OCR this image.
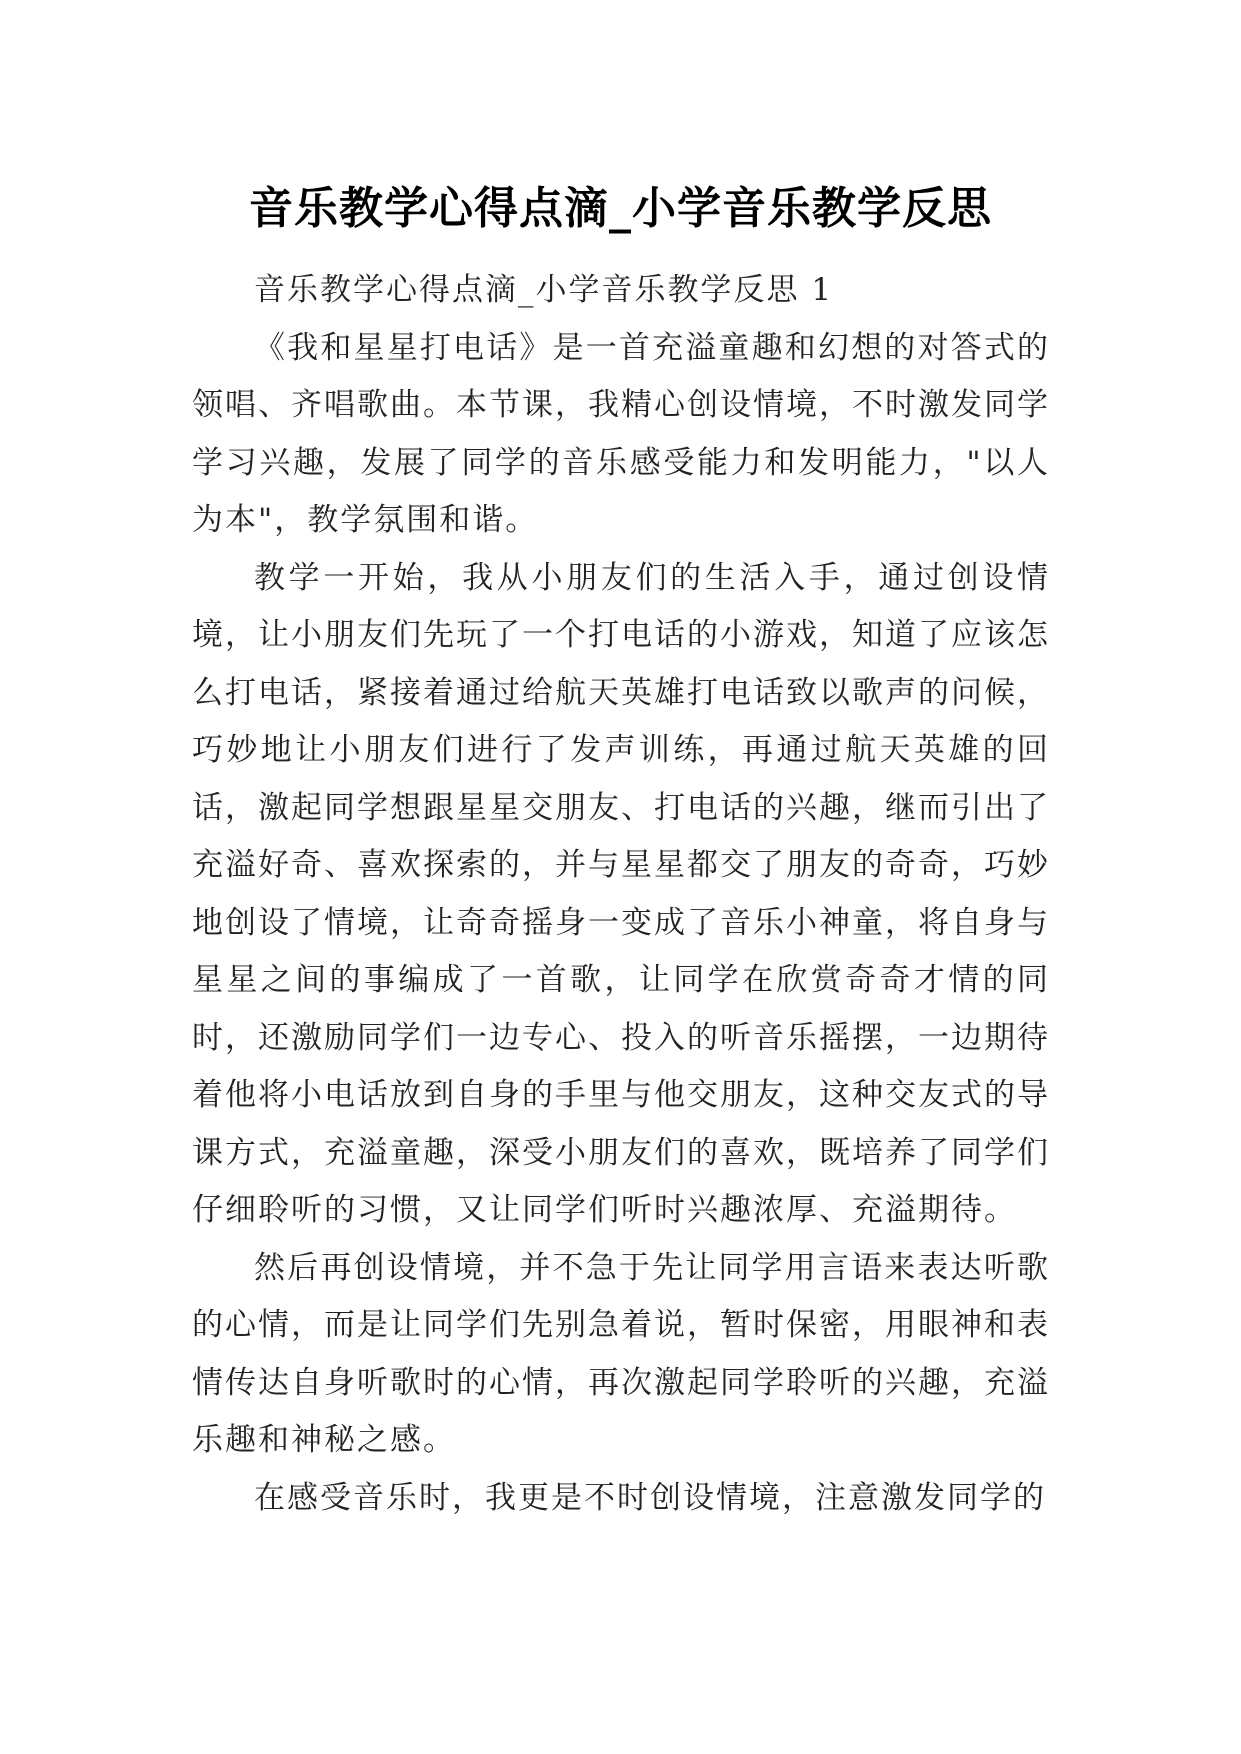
音乐教学心得点滴_小学音乐教学反思

音乐教学心得点滴_小学音乐教学反思 1

《我和星星打电话》是一首充溢童趣和幻想的对答式的领唱、齐唱歌曲。本节课，我精心创设情境，不时激发同学学习兴趣，发展了同学的音乐感受能力和发明能力，"以人为本"，教学氛围和谐。

教学一开始，我从小朋友们的生活入手，通过创设情境，让小朋友们先玩了一个打电话的小游戏，知道了应该怎么打电话，紧接着通过给航天英雄打电话致以歌声的问候，巧妙地让小朋友们进行了发声训练，再通过航天英雄的回话，激起同学想跟星星交朋友、打电话的兴趣，继而引出了充溢好奇、喜欢探索的，并与星星都交了朋友的奇奇，巧妙地创设了情境，让奇奇摇身一变成了音乐小神童，将自身与星星之间的事编成了一首歌，让同学在欣赏奇奇才情的同时，还激励同学们一边专心、投入的听音乐摇摆，一边期待着他将小电话放到自身的手里与他交朋友，这种交友式的导课方式，充溢童趣，深受小朋友们的喜欢，既培养了同学们仔细聆听的习惯，又让同学们听时兴趣浓厚、充溢期待。

然后再创设情境，并不急于先让同学用言语来表达听歌的心情，而是让同学们先别急着说，暂时保密，用眼神和表情传达自身听歌时的心情，再次激起同学聆听的兴趣，充溢乐趣和神秘之感。

在感受音乐时，我更是不时创设情境，注意激发同学的
